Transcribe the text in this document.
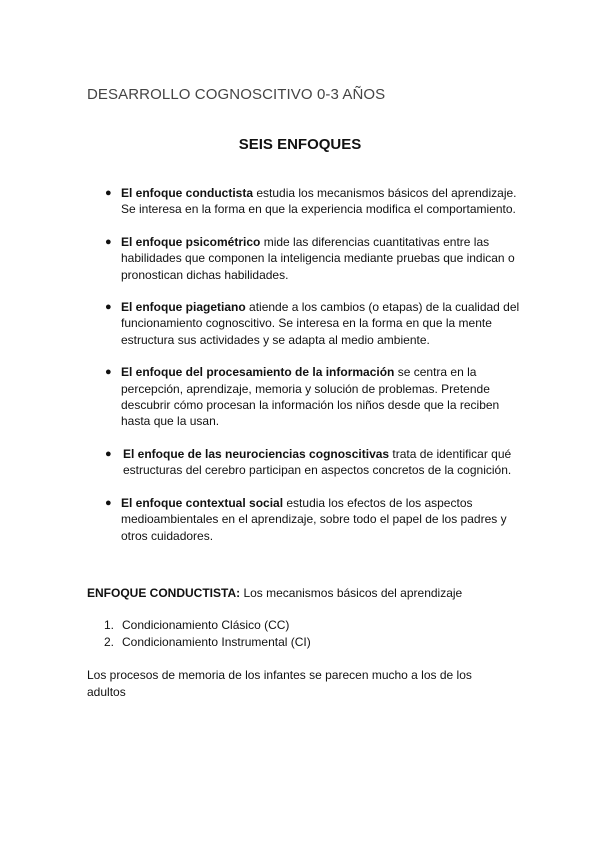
DESARROLLO COGNOSCITIVO 0-3 AÑOS
SEIS ENFOQUES
● El enfoque conductista estudia los mecanismos básicos del aprendizaje. Se interesa en la forma en que la experiencia modifica el comportamiento.
● El enfoque psicométrico mide las diferencias cuantitativas entre las habilidades que componen la inteligencia mediante pruebas que indican o pronostican dichas habilidades.
● El enfoque piagetiano atiende a los cambios (o etapas) de la cualidad del funcionamiento cognoscitivo. Se interesa en la forma en que la mente estructura sus actividades y se adapta al medio ambiente.
● El enfoque del procesamiento de la información se centra en la percepción, aprendizaje, memoria y solución de problemas. Pretende descubrir cómo procesan la información los niños desde que la reciben hasta que la usan.
● El enfoque de las neurociencias cognoscitivas trata de identificar qué estructuras del cerebro participan en aspectos concretos de la cognición.
● El enfoque contextual social estudia los efectos de los aspectos medioambientales en el aprendizaje, sobre todo el papel de los padres y otros cuidadores.
ENFOQUE CONDUCTISTA: Los mecanismos básicos del aprendizaje
1. Condicionamiento Clásico (CC)
2. Condicionamiento Instrumental (CI)
Los procesos de memoria de los infantes se parecen mucho a los de los adultos
